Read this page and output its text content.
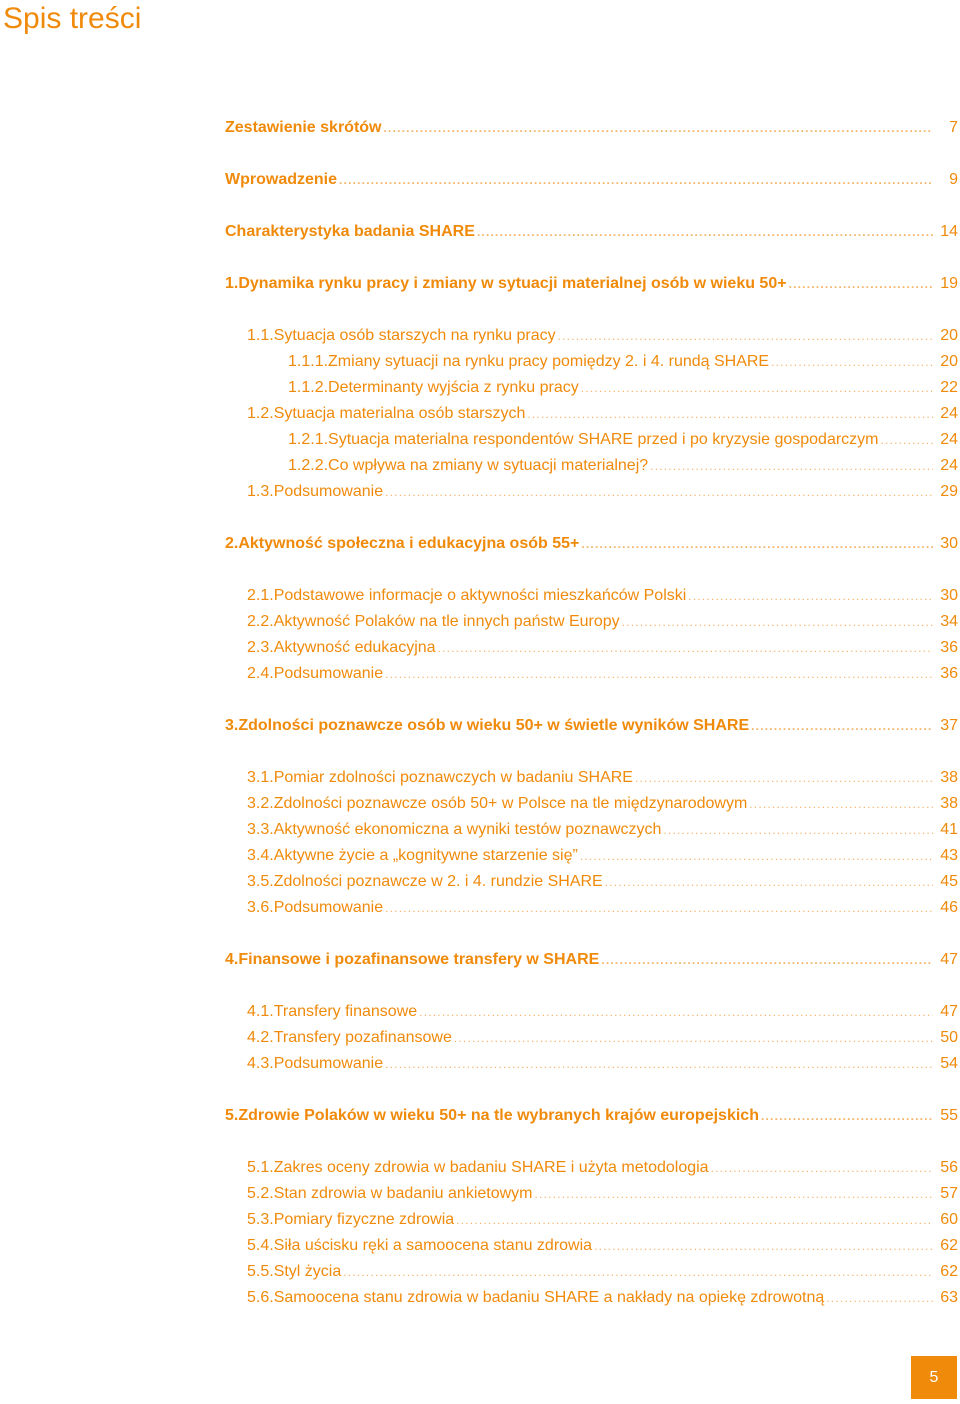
Spis treści
Zestawienie skrótów .....	7
Wprowadzenie .....	9
Charakterystyka badania SHARE .....	14
1. Dynamika rynku pracy i zmiany w sytuacji materialnej osób w wieku 50+ .....	19
1.1. Sytuacja osób starszych na rynku pracy .....	20
1.1.1. Zmiany sytuacji na rynku pracy pomiędzy 2. i 4. rundą SHARE .....	20
1.1.2. Determinanty wyjścia z rynku pracy .....	22
1.2. Sytuacja materialna osób starszych .....	24
1.2.1. Sytuacja materialna respondentów SHARE przed i po kryzysie gospodarczym .....	24
1.2.2. Co wpływa na zmiany w sytuacji materialnej? .....	24
1.3. Podsumowanie .....	29
2. Aktywność społeczna i edukacyjna osób 55+ .....	30
2.1. Podstawowe informacje o aktywności mieszkańców Polski .....	30
2.2. Aktywność Polaków na tle innych państw Europy .....	34
2.3. Aktywność edukacyjna .....	36
2.4. Podsumowanie .....	36
3. Zdolności poznawcze osób w wieku 50+ w świetle wyników SHARE .....	37
3.1. Pomiar zdolności poznawczych w badaniu SHARE .....	38
3.2. Zdolności poznawcze osób 50+ w Polsce na tle międzynarodowym .....	38
3.3. Aktywność ekonomiczna a wyniki testów poznawczych .....	41
3.4. Aktywne życie a „kognitywne starzenie się” .....	43
3.5. Zdolności poznawcze w 2. i 4. rundzie SHARE .....	45
3.6. Podsumowanie .....	46
4. Finansowe i pozafinansowe transfery w SHARE .....	47
4.1. Transfery finansowe .....	47
4.2. Transfery pozafinansowe .....	50
4.3. Podsumowanie .....	54
5. Zdrowie Polaków w wieku 50+ na tle wybranych krajów europejskich .....	55
5.1. Zakres oceny zdrowia w badaniu SHARE i użyta metodologia .....	56
5.2. Stan zdrowia w badaniu ankietowym .....	57
5.3. Pomiary fizyczne zdrowia .....	60
5.4. Siła uścisku ręki a samoocena stanu zdrowia .....	62
5.5. Styl życia .....	62
5.6. Samoocena stanu zdrowia w badaniu SHARE a nakłady na opiekę zdrowotną .....	63
5
